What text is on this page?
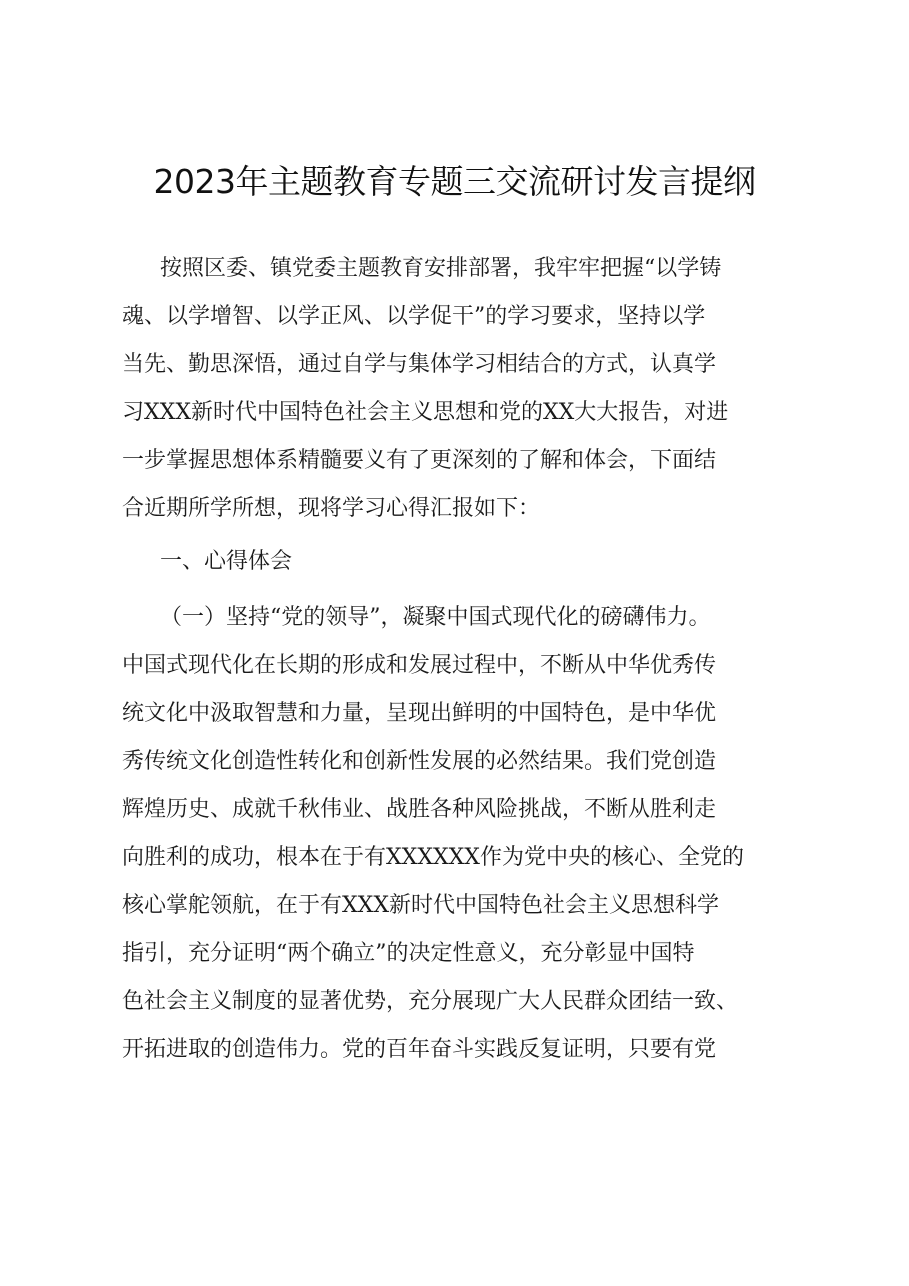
2023年主题教育专题三交流研讨发言提纲
按照区委、镇党委主题教育安排部署，我牢牢把握“以学铸
魂、以学增智、以学正风、以学促干”的学习要求，坚持以学
当先、勤思深悟，通过自学与集体学习相结合的方式，认真学
习XXX新时代中国特色社会主义思想和党的XX大大报告，对进
一步掌握思想体系精髓要义有了更深刻的了解和体会，下面结
合近期所学所想，现将学习心得汇报如下：
一、心得体会
（一）坚持“党的领导”，凝聚中国式现代化的磅礴伟力。
中国式现代化在长期的形成和发展过程中，不断从中华优秀传
统文化中汲取智慧和力量，呈现出鲜明的中国特色，是中华优
秀传统文化创造性转化和创新性发展的必然结果。我们党创造
辉煌历史、成就千秋伟业、战胜各种风险挑战，不断从胜利走
向胜利的成功，根本在于有XXXXXX作为党中央的核心、全党的
核心掌舵领航，在于有XXX新时代中国特色社会主义思想科学
指引，充分证明“两个确立”的决定性意义，充分彰显中国特
色社会主义制度的显著优势，充分展现广大人民群众团结一致、
开拓进取的创造伟力。党的百年奋斗实践反复证明，只要有党
